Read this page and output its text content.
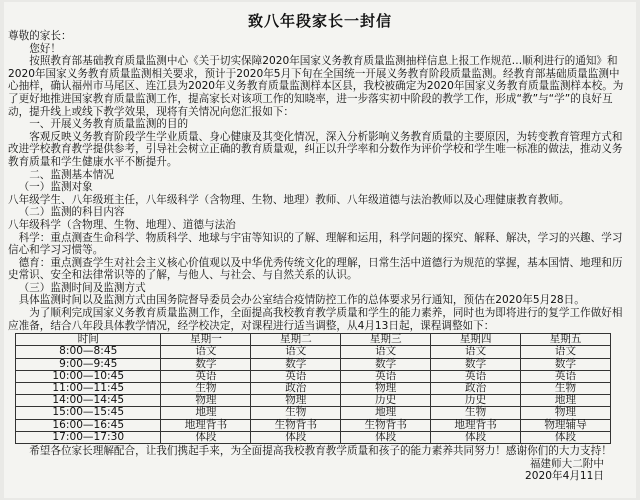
致八年段家长一封信

尊敬的家长：

您好！

按照教育部基础教育质量监测中心《关于切实保障2020年国家义务教育质量监测抽样信息上报工作规范…顺利进行的通知》和2020年国家义务教育质量监测相关要求，预计于2020年5月下旬在全国统一开展义务教育阶段质量监测。经教育部基础质量监测中心抽样，确认福州市马尾区、连江县为2020年义务教育质量监测样本区县，我校被确定为2020年国家义务教育质量监测样本校。为了更好地推进国家教育质量监测工作，提高家长对该项工作的知晓率，进一步落实初中阶段的教学工作，形成“教”与“学”的良好互动，提升线上或线下教学效果，现将有关情况向您汇报如下：

一、开展义务教育质量监测的目的

客观反映义务教育阶段学生学业质量、身心健康及其变化情况，深入分析影响义务教育质量的主要原因，为转变教育管理方式和改进学校教育教学提供参考，引导社会树立正确的教育质量观，纠正以升学率和分数作为评价学校和学生唯一标准的做法，推动义务教育质量和学生健康水平不断提升。

二、监测基本情况

（一）监测对象

八年级学生、八年级班主任，八年级科学（含物理、生物、地理）教师、八年级道德与法治教师以及心理健康教育教师。

（二）监测的科目内容

八年级科学（含物理、生物、地理）、道德与法治

科学：重点测查生命科学、物质科学、地球与宇宙等知识的了解、理解和运用，科学问题的探究、解释、解决，学习的兴趣、学习信心和学习习惯等。

德育：重点测查学生对社会主义核心价值观以及中华优秀传统文化的理解，日常生活中道德行为规范的掌握，基本国情、地理和历史常识、安全和法律常识等的了解，与他人、与社会、与自然关系的认识。

（三）监测时间及监测方式

具体监测时间以及监测方式由国务院督导委员会办公室结合疫情防控工作的总体要求另行通知，预估在2020年5月28日。

为了顺利完成国家义务教育质量监测工作，全面提高我校教育教学质量和学生的能力素养，同时也为即将进行的复学工作做好相应准备，结合八年段具体教学情况，经学校决定，对课程进行适当调整，从4月13日起，课程调整如下：

时间	星期一	星期二	星期三	星期四	星期五
8:00—8:45	语文	语文	语文	语文	语文
9:00—9:45	数学	数学	数学	数学	数学
10:00—10:45	英语	英语	英语	英语	英语
11:00—11:45	生物	政治	物理	政治	生物
14:00—14:45	物理	物理	历史	历史	地理
15:00—15:45	地理	生物	地理	生物	物理
16:00—16:45	地理背书	生物背书	生物背书	地理背书	物理辅导
17:00—17:30	体段	体段	体段	体段	体段

希望各位家长理解配合，让我们携起手来，为全面提高我校教育教学质量和孩子的能力素养共同努力！感谢你们的大力支持！

福建师大二附中

2020年4月11日
